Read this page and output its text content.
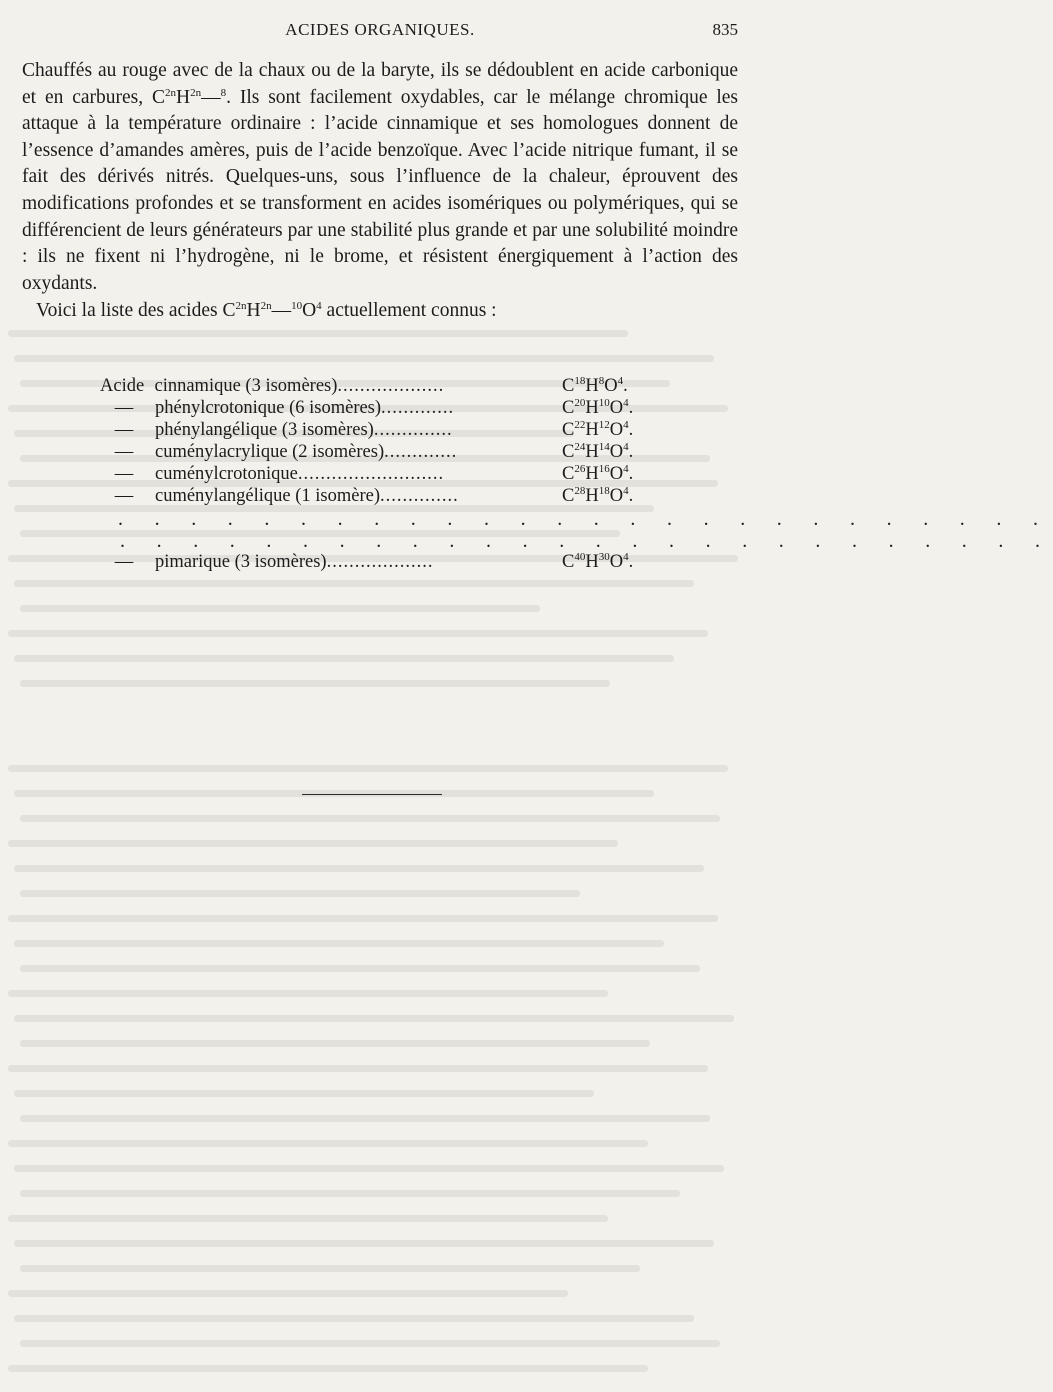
ACIDES ORGANIQUES.	835

Chauffés au rouge avec de la chaux ou de la baryte, ils se dédoublent en acide carbonique et en carbures, $C^{2n}H^{2n}—^8$. Ils sont facilement oxydables, car le mélange chromique les attaque à la température ordinaire : l’acide cinnamique et ses homologues donnent de l’essence d’amandes amères, puis de l’acide benzoïque. Avec l’acide nitrique fumant, il se fait des dérivés nitrés. Quelques-uns, sous l’influence de la chaleur, éprouvent des modifications profondes et se transforment en acides isomériques ou polymériques, qui se différencient de leurs générateurs par une stabilité plus grande et par une solubilité moindre : ils ne fixent ni l’hydrogène, ni le brome, et résistent énergiquement à l’action des oxydants.

Voici la liste des acides $C^{2n}H^{2n}—^{10}O^4$ actuellement connus :

Acide cinnamique (3 isomères)...................	$C^{18}H^8O^4$.
—	phénylcrotonique (6 isomères).............	$C^{20}H^{10}O^4$.
—	phénylangélique (3 isomères)..............	$C^{22}H^{12}O^4$.
—	cuménylacrylique (2 isomères).............	$C^{24}H^{14}O^4$.
—	cuménylcrotonique..........................	$C^{26}H^{16}O^4$.
—	cuménylangélique (1 isomère)..............	$C^{28}H^{18}O^4$.
. . . . . . . . . . . . . . . . . . . . . . . . . .
. . . . . . . . . . . . . . . . . . . . . . . . . .
—	pimarique (3 isomères)...................	$C^{40}H^{30}O^4$.
